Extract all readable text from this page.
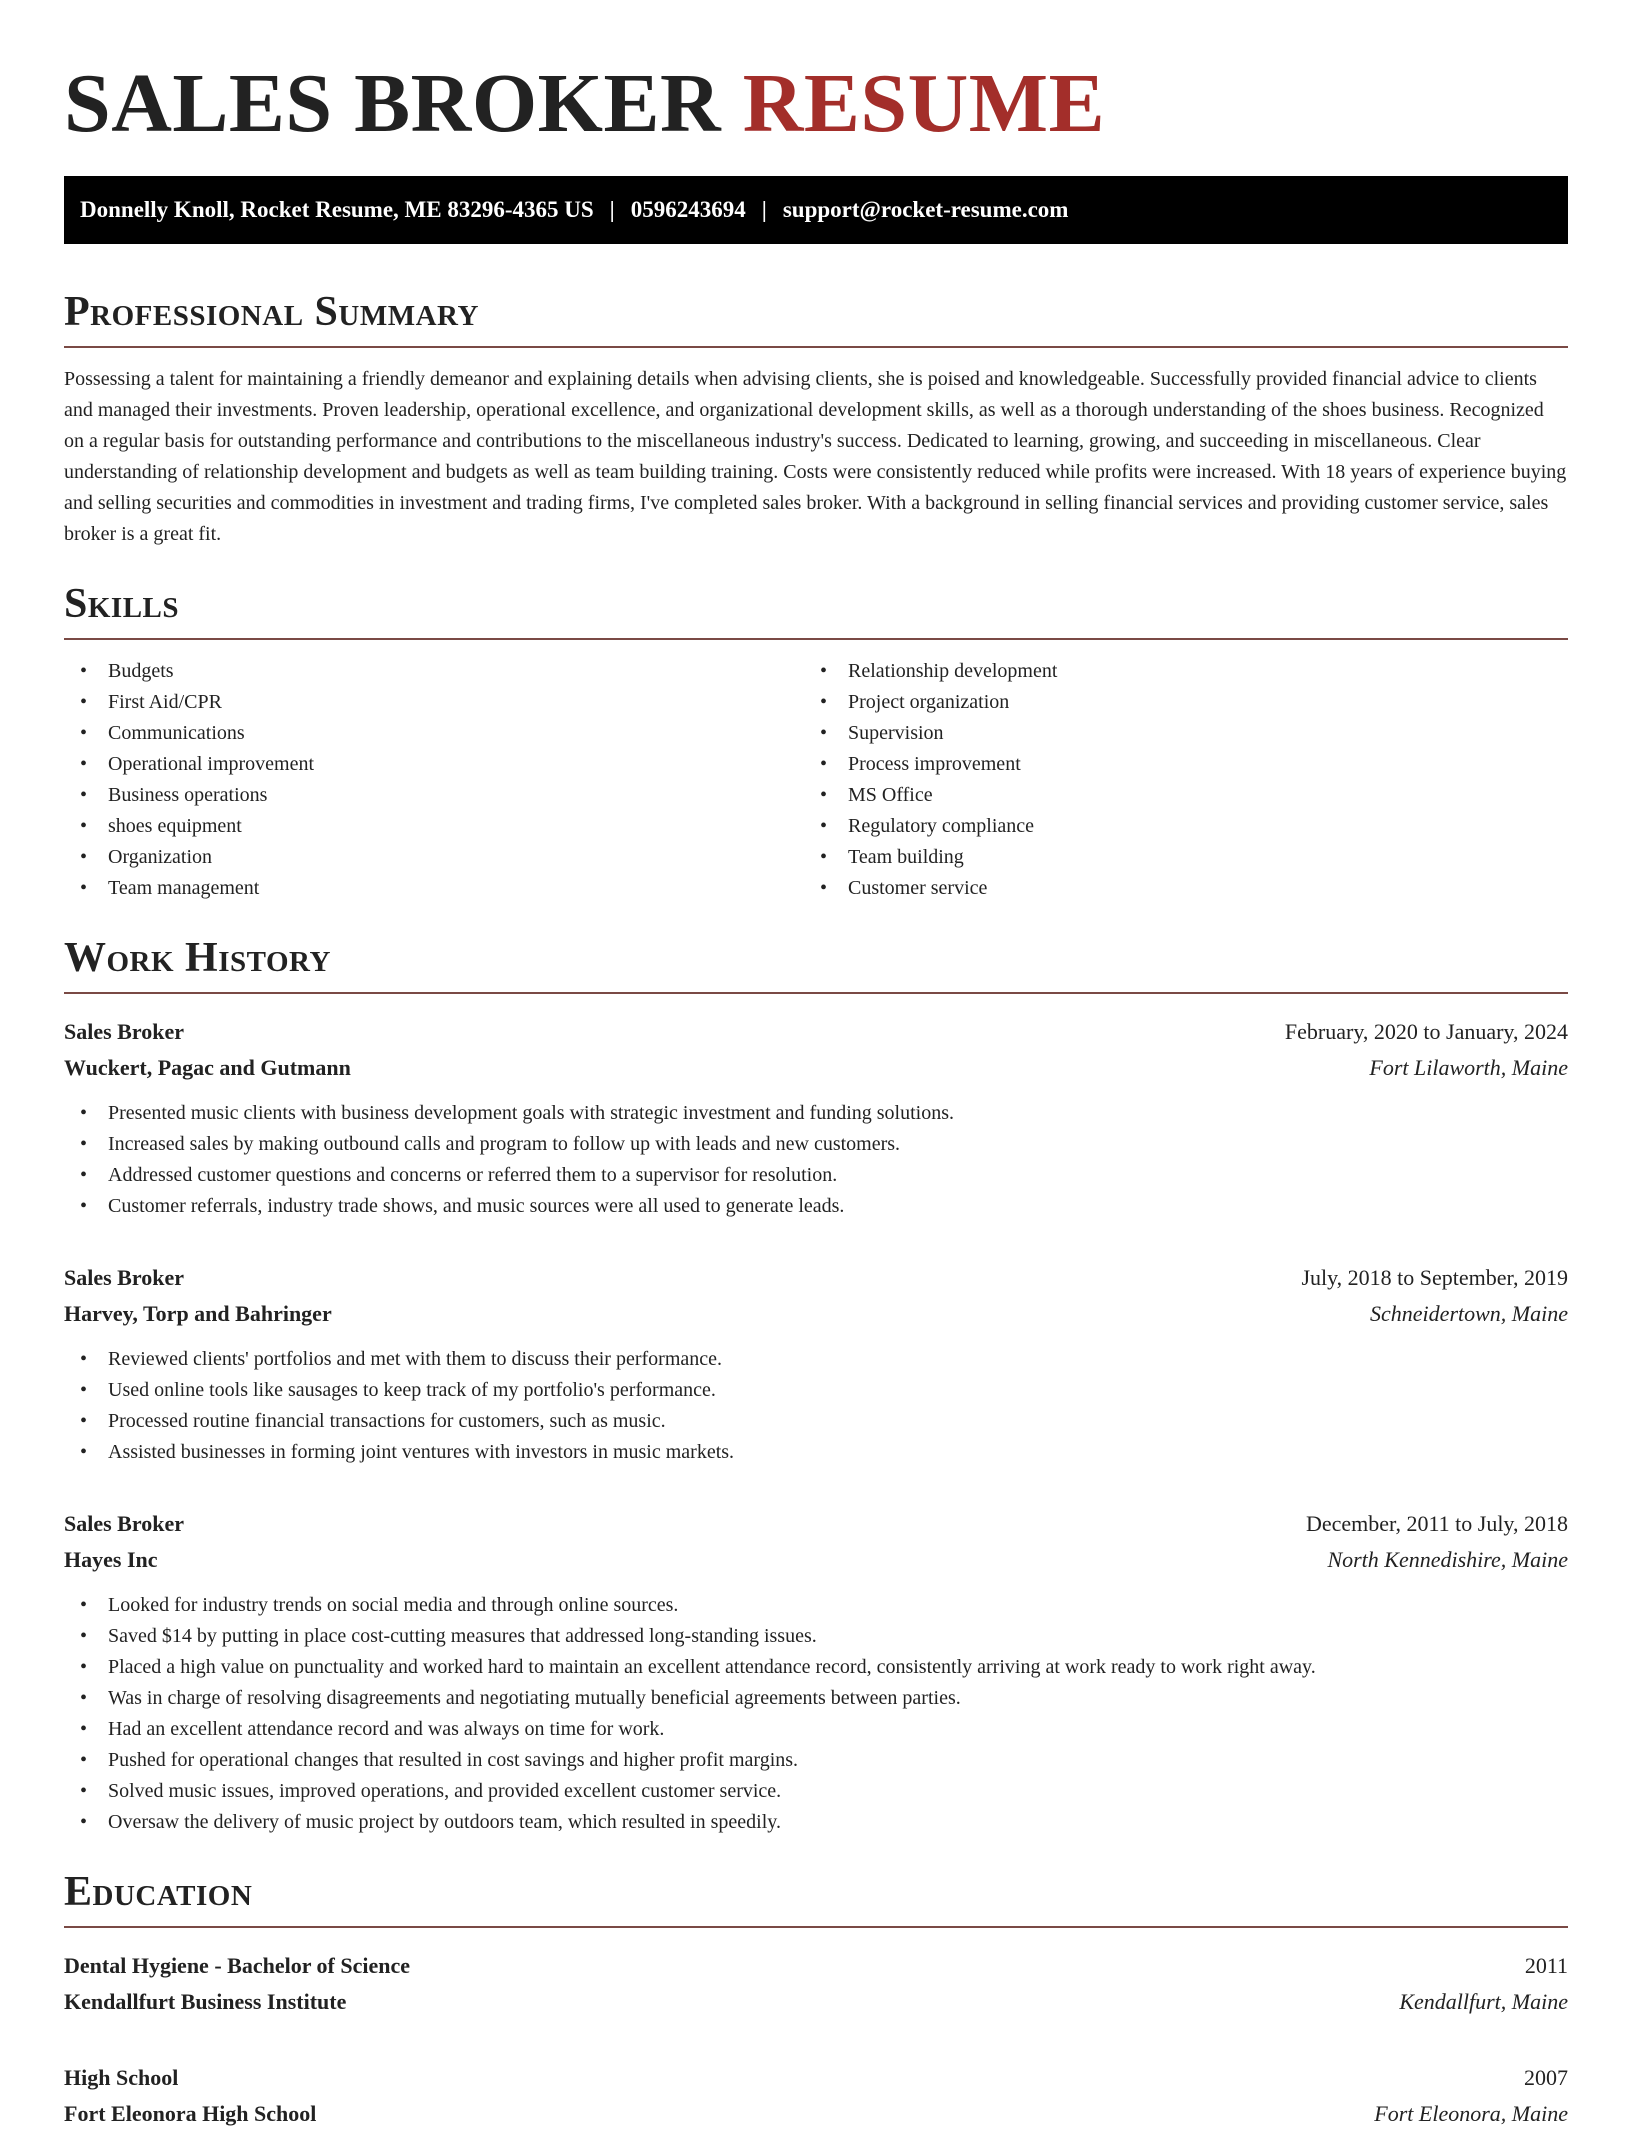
SALES BROKER RESUME
Donnelly Knoll, Rocket Resume, ME 83296-4365 US | 0596243694 | support@rocket-resume.com
Professional Summary

Possessing a talent for maintaining a friendly demeanor and explaining details when advising clients, she is poised and knowledgeable. Successfully provided financial advice to clients and managed their investments. Proven leadership, operational excellence, and organizational development skills, as well as a thorough understanding of the shoes business. Recognized on a regular basis for outstanding performance and contributions to the miscellaneous industry's success. Dedicated to learning, growing, and succeeding in miscellaneous. Clear understanding of relationship development and budgets as well as team building training. Costs were consistently reduced while profits were increased. With 18 years of experience buying and selling securities and commodities in investment and trading firms, I've completed sales broker. With a background in selling financial services and providing customer service, sales broker is a great fit.

Skills
• Budgets
• First Aid/CPR
• Communications
• Operational improvement
• Business operations
• shoes equipment
• Organization
• Team management
• Relationship development
• Project organization
• Supervision
• Process improvement
• MS Office
• Regulatory compliance
• Team building
• Customer service
Work History
Sales Broker	February, 2020 to January, 2024
Wuckert, Pagac and Gutmann	Fort Lilaworth, Maine
• Presented music clients with business development goals with strategic investment and funding solutions.
• Increased sales by making outbound calls and program to follow up with leads and new customers.
• Addressed customer questions and concerns or referred them to a supervisor for resolution.
• Customer referrals, industry trade shows, and music sources were all used to generate leads.
Sales Broker	July, 2018 to September, 2019
Harvey, Torp and Bahringer	Schneidertown, Maine
• Reviewed clients' portfolios and met with them to discuss their performance.
• Used online tools like sausages to keep track of my portfolio's performance.
• Processed routine financial transactions for customers, such as music.
• Assisted businesses in forming joint ventures with investors in music markets.
Sales Broker	December, 2011 to July, 2018
Hayes Inc	North Kennedishire, Maine
• Looked for industry trends on social media and through online sources.
• Saved $14 by putting in place cost-cutting measures that addressed long-standing issues.
• Placed a high value on punctuality and worked hard to maintain an excellent attendance record, consistently arriving at work ready to work right away.
• Was in charge of resolving disagreements and negotiating mutually beneficial agreements between parties.
• Had an excellent attendance record and was always on time for work.
• Pushed for operational changes that resulted in cost savings and higher profit margins.
• Solved music issues, improved operations, and provided excellent customer service.
• Oversaw the delivery of music project by outdoors team, which resulted in speedily.
Education
Dental Hygiene - Bachelor of Science	2011
Kendallfurt Business Institute	Kendallfurt, Maine
High School	2007
Fort Eleonora High School	Fort Eleonora, Maine
